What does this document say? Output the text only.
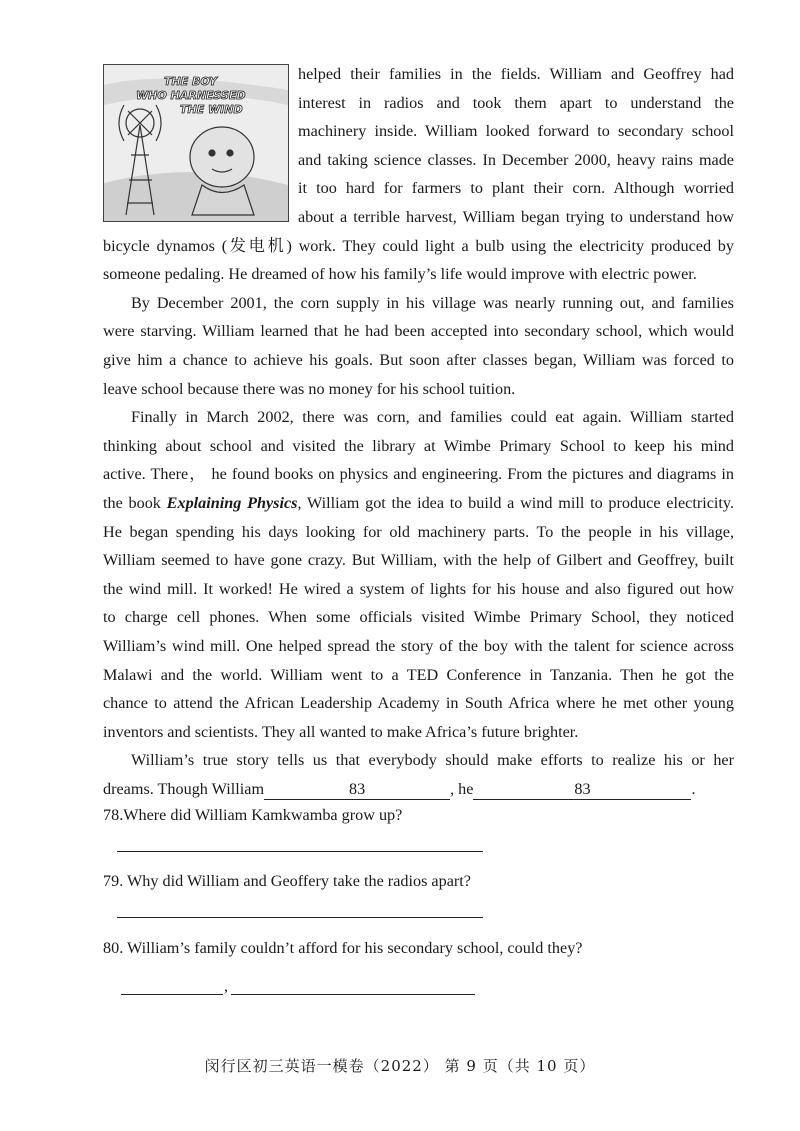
THE BOY
WHO HARNESSED
THE WIND
helped their families in the fields. William and Geoffrey had
interest in radios and took them apart to understand the
machinery inside. William looked forward to secondary school
and taking science classes. In December 2000, heavy rains made
it too hard for farmers to plant their corn. Although worried
about a terrible harvest, William began trying to understand how
bicycle dynamos (发电机) work. They could light a bulb using the electricity produced by
someone pedaling. He dreamed of how his family’s life would improve with electric power.
By December 2001, the corn supply in his village was nearly running out, and families
were starving. William learned that he had been accepted into secondary school, which would
give him a chance to achieve his goals. But soon after classes began, William was forced to
leave school because there was no money for his school tuition.
Finally in March 2002, there was corn, and families could eat again. William started
thinking about school and visited the library at Wimbe Primary School to keep his mind
active. There， he found books on physics and engineering. From the pictures and diagrams in
the book Explaining Physics, William got the idea to build a wind mill to produce electricity.
He began spending his days looking for old machinery parts. To the people in his village,
William seemed to have gone crazy. But William, with the help of Gilbert and Geoffrey, built
the wind mill. It worked! He wired a system of lights for his house and also figured out how
to charge cell phones. When some officials visited Wimbe Primary School, they noticed
William’s wind mill. One helped spread the story of the boy with the talent for science across
Malawi and the world. William went to a TED Conference in Tanzania. Then he got the
chance to attend the African Leadership Academy in South Africa where he met other young
inventors and scientists. They all wanted to make Africa’s future brighter.
William’s true story tells us that everybody should make efforts to realize his or her
dreams. Though William	83	, he	83	.
78.Where did William Kamkwamba grow up?
79. Why did William and Geoffery take the radios apart?
80. William’s family couldn’t afford for his secondary school, could they?
,
闵行区初三英语一模卷（2022） 第 9 页（共 10 页）
